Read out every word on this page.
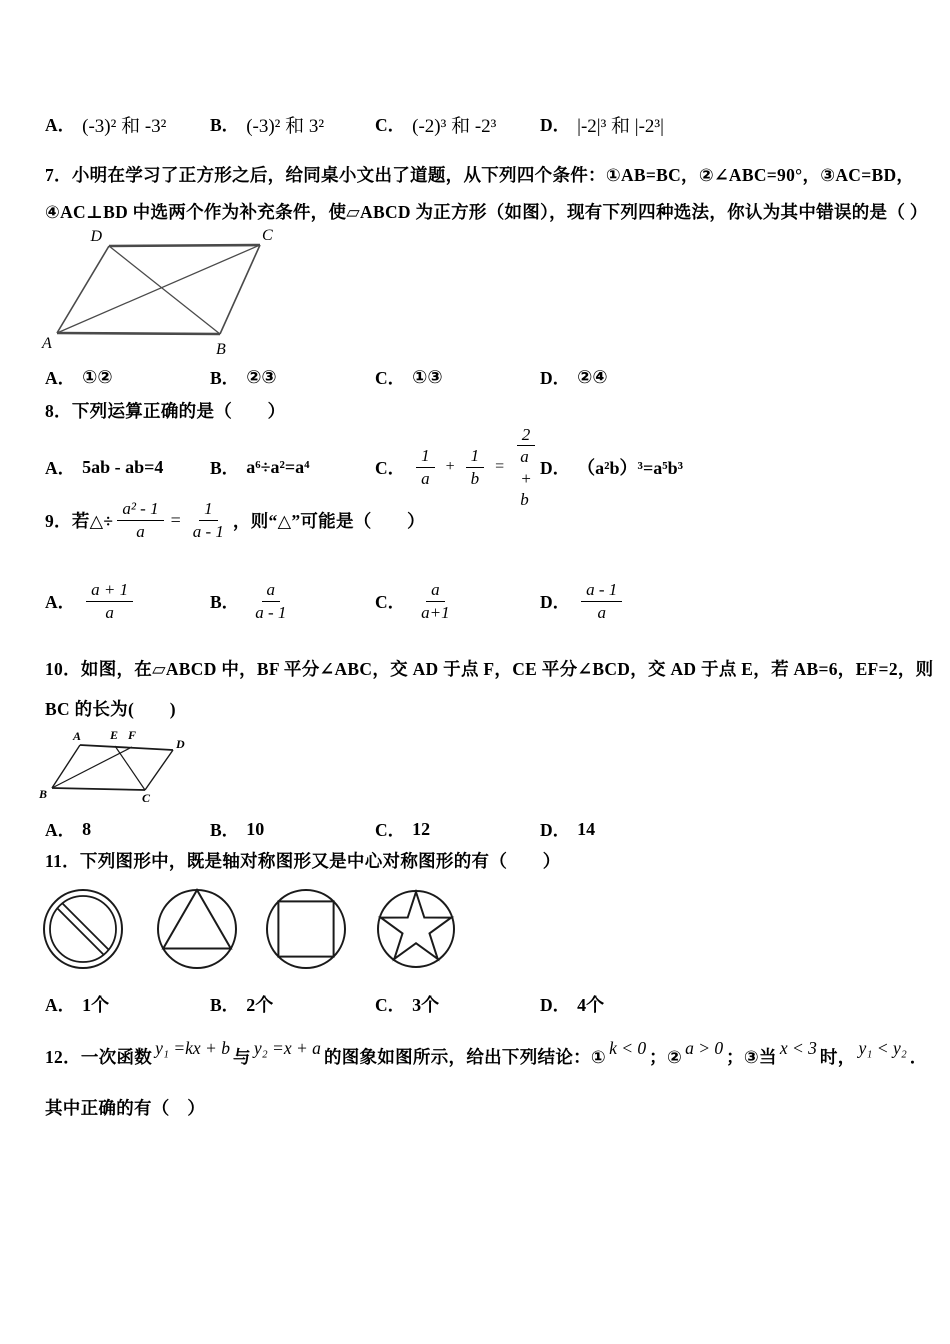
A． (-3)² 和 -3² B． (-3)² 和 3²	C． (-2)³ 和 -2³ D． |-2|³ 和 |-2³|
7．小明在学习了正方形之后，给同桌小文出了道题，从下列四个条件：①AB=BC，②∠ABC=90°，③AC=BD，
④AC⊥BD 中选两个作为补充条件，使▱ABCD 为正方形（如图），现有下列四种选法，你认为其中错误的是（ ）
D	C
A	B
A． ①②	B． ②③	C． ①③	D． ②④
8．下列运算正确的是（　　）
A． 5ab - ab=4	B． a⁶÷a²=a⁴	C． $\frac{1}{a} + \frac{1}{b} = \frac{2}{a + b}$ D． （a²b）³=a⁵b³
9．若△÷ $\frac{\text{a² - 1}}{a} = \frac{1}{a - 1}$ ，则“△”可能是（　　）
A． $\frac{a + 1}{a}$	B． $\frac{a}{a - 1}$	C． $\frac{a}{a+1}$	D． $\frac{a - 1}{a}$
10．如图，在▱ABCD 中，BF 平分∠ABC，交 AD 于点 F，CE 平分∠BCD，交 AD 于点 E，若 AB=6，EF=2，则
BC 的长为(　　)
A E F
D
B	C
A． 8	B． 10	C． 12	D． 14
11．下列图形中，既是轴对称图形又是中心对称图形的有（　　）
A． 1个	B． 2个	C． 3个	D． 4个
12．一次函数 y₁ =kx + b 与 y₂ =x + a 的图象如图所示，给出下列结论：① k < 0 ；② a > 0 ；③当 x < 3 时， y₁ < y₂ ．
其中正确的有（　）
